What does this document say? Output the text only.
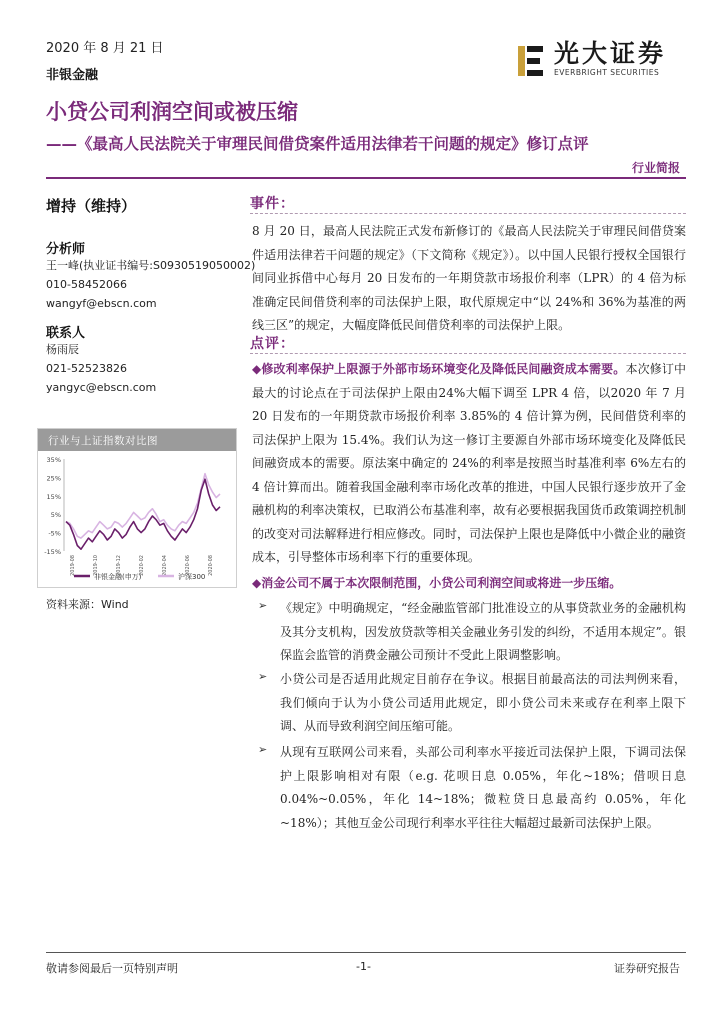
2020 年 8 月 21 日
非银金融
光大证券
EVERBRIGHT SECURITIES
小贷公司利润空间或被压缩
——《最高人民法院关于审理民间借贷案件适用法律若干问题的规定》修订点评
行业简报
增持（维持）
分析师
王一峰(执业证书编号:S0930519050002)
010-58452066
wangyf@ebscn.com
联系人
杨雨辰
021-52523826
yangyc@ebscn.com
行业与上证指数对比图
35%
25%
15%
5%
-5%
-15%
2019-08	2019-10	2019-12	2020-02	2020-04	2020-06	2020-08
非银金融(申万)	沪深300
资料来源：Wind
事件：
8 月 20 日，最高人民法院正式发布新修订的《最高人民法院关于审理民间借贷案件适用法律若干问题的规定》（下文简称《规定》）。以中国人民银行授权全国银行间同业拆借中心每月 20 日发布的一年期贷款市场报价利率（LPR）的 4 倍为标准确定民间借贷利率的司法保护上限，取代原规定中“以 24%和 36%为基准的两线三区”的规定，大幅度降低民间借贷利率的司法保护上限。
点评：
◆修改利率保护上限源于外部市场环境变化及降低民间融资成本需要。本次修订中最大的讨论点在于司法保护上限由24%大幅下调至 LPR 4 倍，以2020 年 7 月 20 日发布的一年期贷款市场报价利率 3.85%的 4 倍计算为例，民间借贷利率的司法保护上限为 15.4%。我们认为这一修订主要源自外部市场环境变化及降低民间融资成本的需要。原法案中确定的 24%的利率是按照当时基准利率 6%左右的 4 倍计算而出。随着我国金融利率市场化改革的推进，中国人民银行逐步放开了金融机构的利率决策权，已取消公布基准利率，故有必要根据我国货币政策调控机制的改变对司法解释进行相应修改。同时，司法保护上限也是降低中小微企业的融资成本，引导整体市场利率下行的重要体现。
◆消金公司不属于本次限制范围，小贷公司利润空间或将进一步压缩。
➢ 《规定》中明确规定，“经金融监管部门批准设立的从事贷款业务的金融机构及其分支机构，因发放贷款等相关金融业务引发的纠纷，不适用本规定”。银保监会监管的消费金融公司预计不受此上限调整影响。
➢ 小贷公司是否适用此规定目前存在争议。根据目前最高法的司法判例来看，我们倾向于认为小贷公司适用此规定，即小贷公司未来或存在利率上限下调、从而导致利润空间压缩可能。
➢ 从现有互联网公司来看，头部公司利率水平接近司法保护上限，下调司法保护上限影响相对有限（e.g. 花呗日息 0.05%，年化~18%；借呗日息 0.04%~0.05%，年化 14~18%；微粒贷日息最高约 0.05%，年化~18%）；其他互金公司现行利率水平往往大幅超过最新司法保护上限。
敬请参阅最后一页特别声明	-1-	证券研究报告
